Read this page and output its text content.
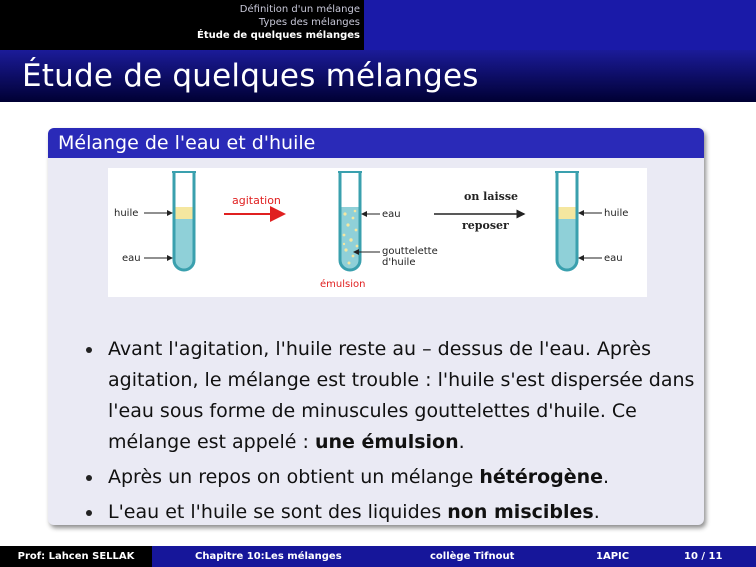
Définition d'un mélange
Types des mélanges
Étude de quelques mélanges
Étude de quelques mélanges
Mélange de l'eau et d'huile
huile
eau
agitation
eau
gouttelette
d'huile
émulsion
on laisse
reposer
huile
eau
Avant l'agitation, l'huile reste au – dessus de l'eau. Après agitation, le mélange est trouble : l'huile s'est dispersée dans l'eau sous forme de minuscules gouttelettes d'huile. Ce mélange est appelé : une émulsion.
Après un repos on obtient un mélange hétérogène.
L'eau et l'huile se sont des liquides non miscibles.
Prof: Lahcen SELLAK	Chapitre 10:Les mélanges	collège Tifnout	1APIC	10 / 11
